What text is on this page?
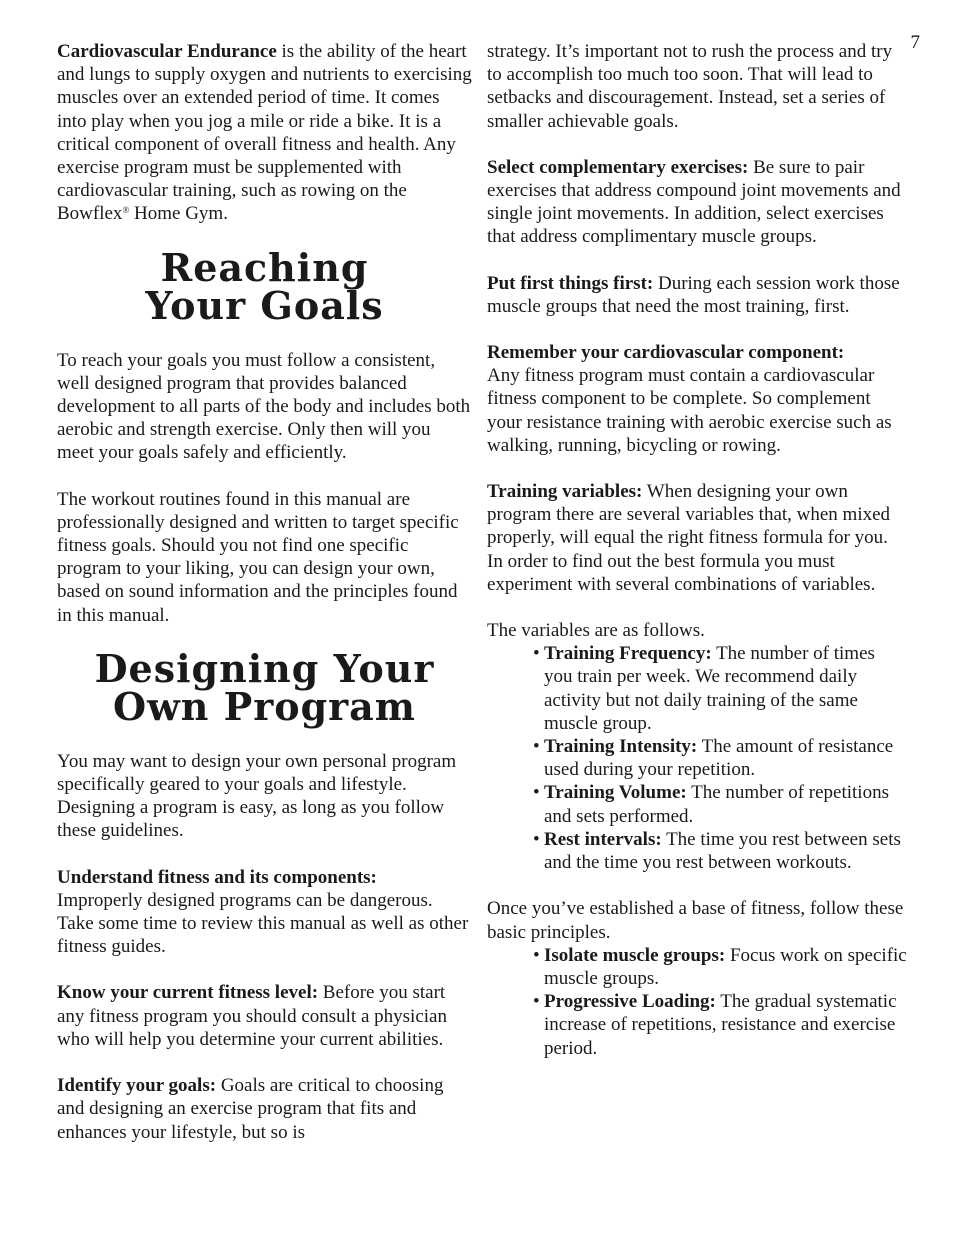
7

Cardiovascular Endurance is the ability of the heart and lungs to supply oxygen and nutrients to exercising muscles over an extended period of time. It comes into play when you jog a mile or ride a bike. It is a critical component of overall fitness and health. Any exercise program must be supplemented with cardiovascular training, such as rowing on the Bowflex® Home Gym.

Reaching
Your Goals

To reach your goals you must follow a consistent, well designed program that provides balanced development to all parts of the body and includes both aerobic and strength exercise. Only then will you meet your goals safely and efficiently.

The workout routines found in this manual are professionally designed and written to target specific fitness goals. Should you not find one specific program to your liking, you can design your own, based on sound information and the principles found in this manual.

Designing Your
Own Program

You may want to design your own personal program specifically geared to your goals and lifestyle. Designing a program is easy, as long as you follow these guidelines.

Understand fitness and its components:
Improperly designed programs can be dangerous. Take some time to review this manual as well as other fitness guides.

Know your current fitness level: Before you start any fitness program you should consult a physician who will help you determine your current abilities.

Identify your goals: Goals are critical to choosing and designing an exercise program that fits and enhances your lifestyle, but so is

strategy. It’s important not to rush the process and try to accomplish too much too soon. That will lead to setbacks and discouragement. Instead, set a series of smaller achievable goals.

Select complementary exercises: Be sure to pair exercises that address compound joint movements and single joint movements. In addition, select exercises that address complimentary muscle groups.

Put first things first: During each session work those muscle groups that need the most training, first.

Remember your cardiovascular component:
Any fitness program must contain a cardiovascular fitness component to be complete. So complement your resistance training with aerobic exercise such as walking, running, bicycling or rowing.

Training variables: When designing your own program there are several variables that, when mixed properly, will equal the right fitness formula for you. In order to find out the best formula you must experiment with several combinations of variables.

The variables are as follows.

• Training Frequency: The number of times you train per week. We recommend daily activity but not daily training of the same muscle group.
• Training Intensity: The amount of resistance used during your repetition.
• Training Volume: The number of repetitions and sets performed.
• Rest intervals: The time you rest between sets and the time you rest between workouts.

Once you’ve established a base of fitness, follow these basic principles.

• Isolate muscle groups: Focus work on specific muscle groups.
• Progressive Loading: The gradual systematic increase of repetitions, resistance and exercise period.
